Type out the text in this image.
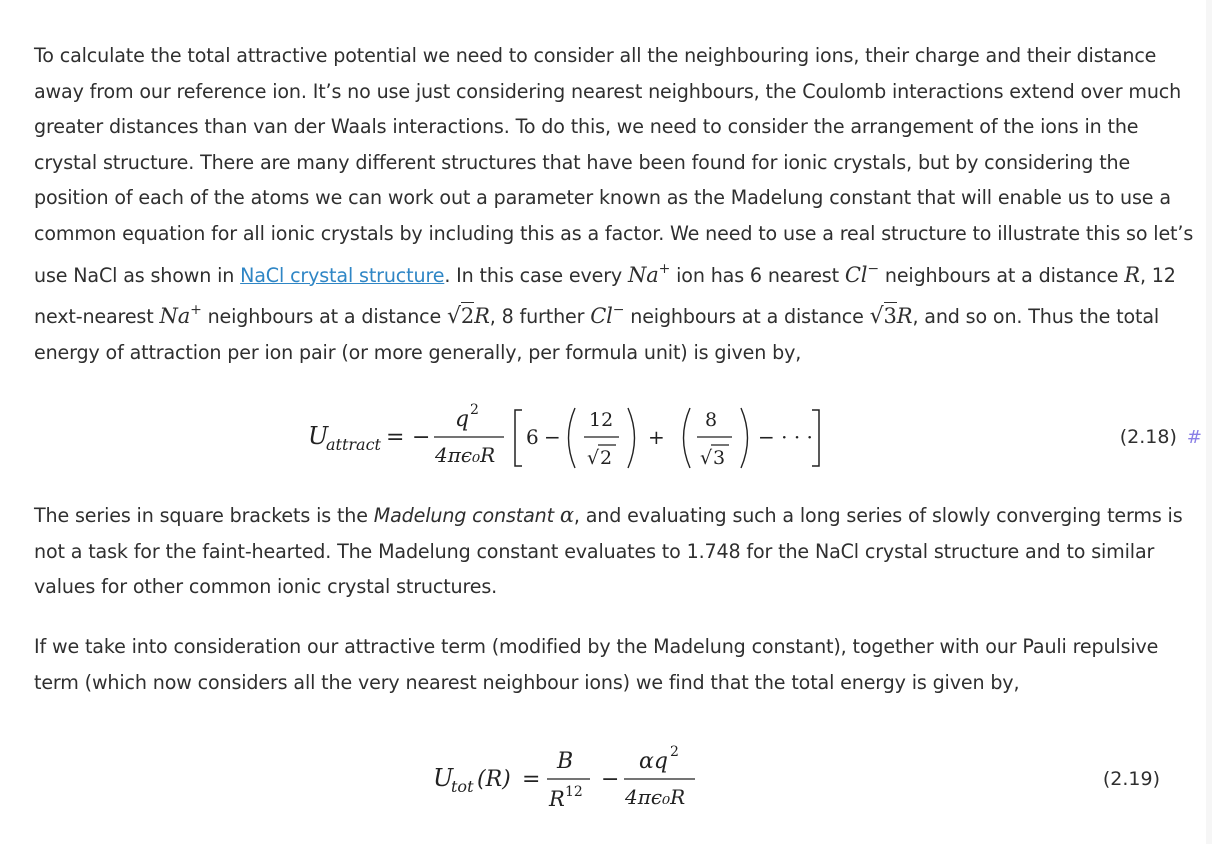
To calculate the total attractive potential we need to consider all the neighbouring ions, their charge and their distance away from our reference ion. It’s no use just considering nearest neighbours, the Coulomb interactions extend over much greater distances than van der Waals interactions. To do this, we need to consider the arrangement of the ions in the crystal structure. There are many different structures that have been found for ionic crystals, but by considering the position of each of the atoms we can work out a parameter known as the Madelung constant that will enable us to use a common equation for all ionic crystals by including this as a factor. We need to use a real structure to illustrate this so let’s use NaCl as shown in NaCl crystal structure. In this case every Na+ ion has 6 nearest Cl− neighbours at a distance R, 12 next-nearest Na+ neighbours at a distance √2R, 8 further Cl− neighbours at a distance √3R, and so on. Thus the total energy of attraction per ion pair (or more generally, per formula unit) is given by,

U
attract = −
q 2
4πϵ₀R
6 −
12
√ 2
+
8
√ 3
− · · ·	(2.18) #

The series in square brackets is the Madelung constant α, and evaluating such a long series of slowly converging terms is not a task for the faint-hearted. The Madelung constant evaluates to 1.748 for the NaCl crystal structure and to similar values for other common ionic crystal structures.

If we take into consideration our attractive term (modified by the Madelung constant), together with our Pauli repulsive term (which now considers all the very nearest neighbour ions) we find that the total energy is given by,

U
tot (R) =
B
R 12 −
αq 2
4πϵ₀R
(2.19)
